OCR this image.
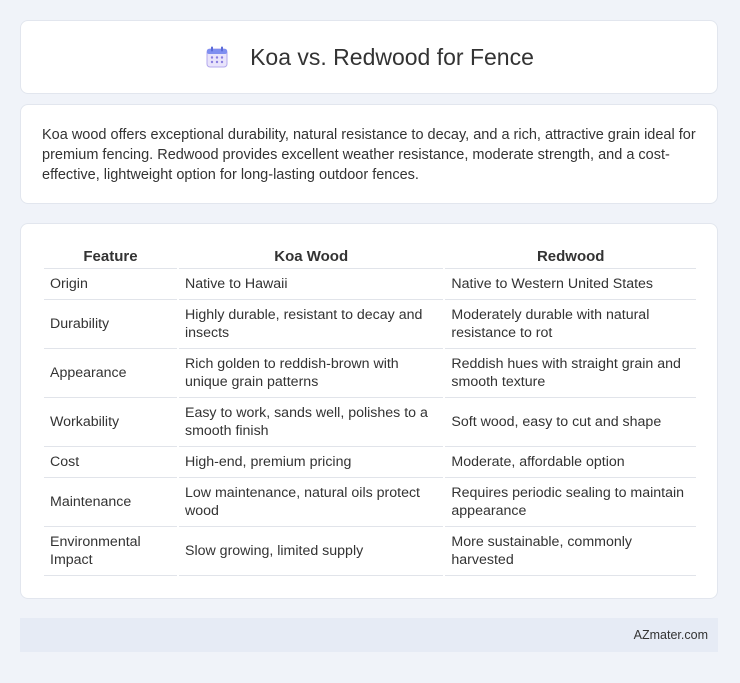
Koa vs. Redwood for Fence

Koa wood offers exceptional durability, natural resistance to decay, and a rich, attractive grain ideal for premium fencing. Redwood provides excellent weather resistance, moderate strength, and a cost-effective, lightweight option for long-lasting outdoor fences.

Feature	Koa Wood	Redwood
Origin	Native to Hawaii	Native to Western United States
Durability	Highly durable, resistant to decay and insects	Moderately durable with natural resistance to rot
Appearance	Rich golden to reddish-brown with unique grain patterns	Reddish hues with straight grain and smooth texture
Workability	Easy to work, sands well, polishes to a smooth finish	Soft wood, easy to cut and shape
Cost	High-end, premium pricing	Moderate, affordable option
Maintenance	Low maintenance, natural oils protect wood	Requires periodic sealing to maintain appearance
Environmental Impact	Slow growing, limited supply	More sustainable, commonly harvested
AZmater.com
